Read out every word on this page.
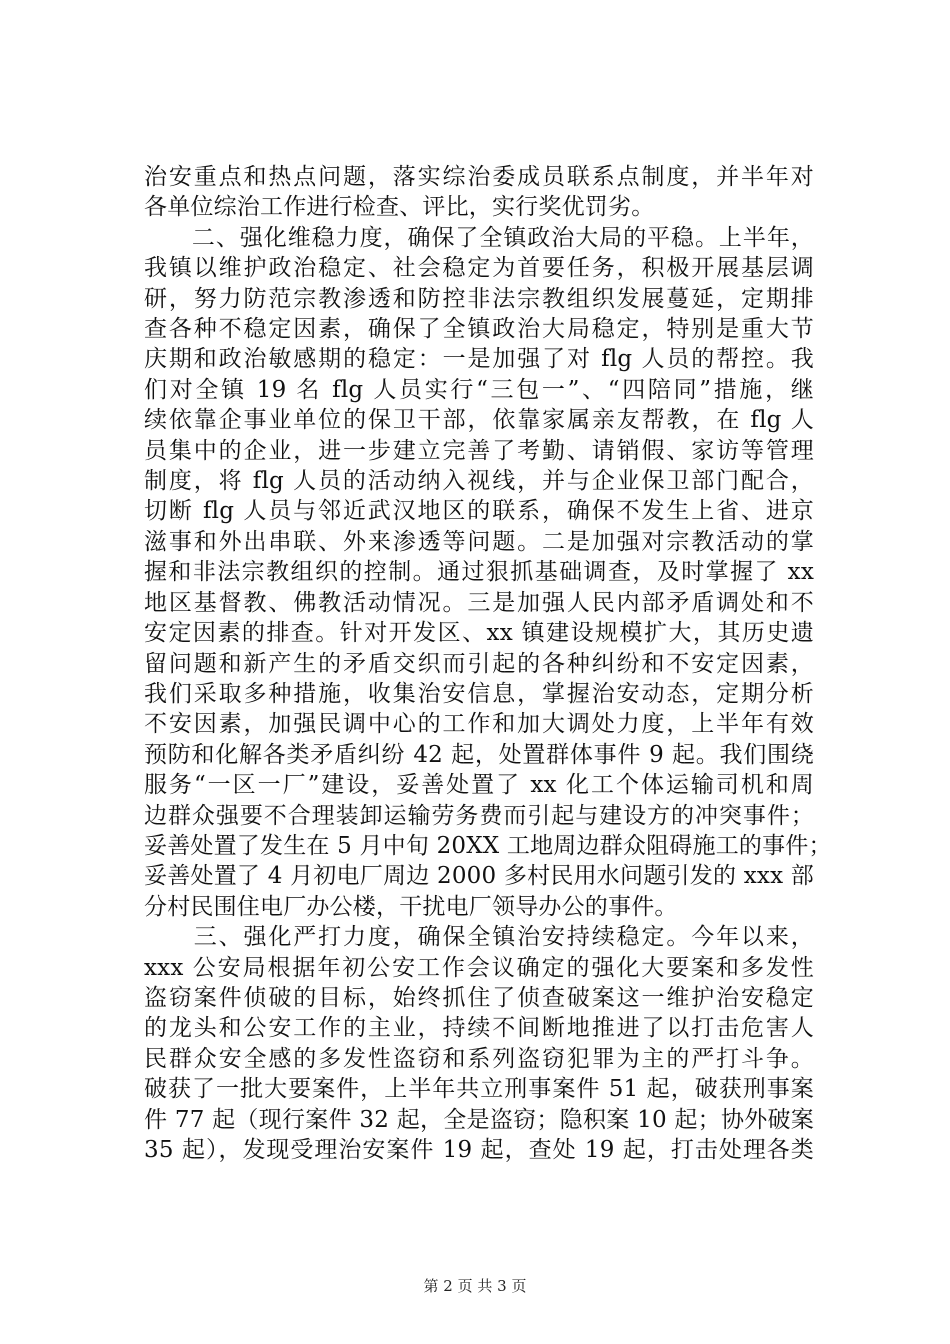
治安重点和热点问题，落实综治委成员联系点制度，并半年对
各单位综治工作进行检查、评比，实行奖优罚劣。
　　二、强化维稳力度，确保了全镇政治大局的平稳。上半年，
我镇以维护政治稳定、社会稳定为首要任务，积极开展基层调
研，努力防范宗教渗透和防控非法宗教组织发展蔓延，定期排
查各种不稳定因素，确保了全镇政治大局稳定，特别是重大节
庆期和政治敏感期的稳定：一是加强了对 flg 人员的帮控。我
们对全镇 19 名 flg 人员实行“三包一”、“四陪同”措施，继
续依靠企事业单位的保卫干部，依靠家属亲友帮教，在 flg 人
员集中的企业，进一步建立完善了考勤、请销假、家访等管理
制度，将 flg 人员的活动纳入视线，并与企业保卫部门配合，
切断 flg 人员与邻近武汉地区的联系，确保不发生上省、进京
滋事和外出串联、外来渗透等问题。二是加强对宗教活动的掌
握和非法宗教组织的控制。通过狠抓基础调查，及时掌握了 xx
地区基督教、佛教活动情况。三是加强人民内部矛盾调处和不
安定因素的排查。针对开发区、xx 镇建设规模扩大，其历史遗
留问题和新产生的矛盾交织而引起的各种纠纷和不安定因素，
我们采取多种措施，收集治安信息，掌握治安动态，定期分析
不安因素，加强民调中心的工作和加大调处力度，上半年有效
预防和化解各类矛盾纠纷 42 起，处置群体事件 9 起。我们围绕
服务“一区一厂”建设，妥善处置了 xx 化工个体运输司机和周
边群众强要不合理装卸运输劳务费而引起与建设方的冲突事件；
妥善处置了发生在 5 月中旬 20XX 工地周边群众阻碍施工的事件；
妥善处置了 4 月初电厂周边 2000 多村民用水问题引发的 xxx 部
分村民围住电厂办公楼，干扰电厂领导办公的事件。
　　三、强化严打力度，确保全镇治安持续稳定。今年以来，
xxx 公安局根据年初公安工作会议确定的强化大要案和多发性
盗窃案件侦破的目标，始终抓住了侦查破案这一维护治安稳定
的龙头和公安工作的主业，持续不间断地推进了以打击危害人
民群众安全感的多发性盗窃和系列盗窃犯罪为主的严打斗争。
破获了一批大要案件，上半年共立刑事案件 51 起，破获刑事案
件 77 起（现行案件 32 起，全是盗窃；隐积案 10 起；协外破案
35 起），发现受理治安案件 19 起，查处 19 起，打击处理各类
第 2 页 共 3 页
